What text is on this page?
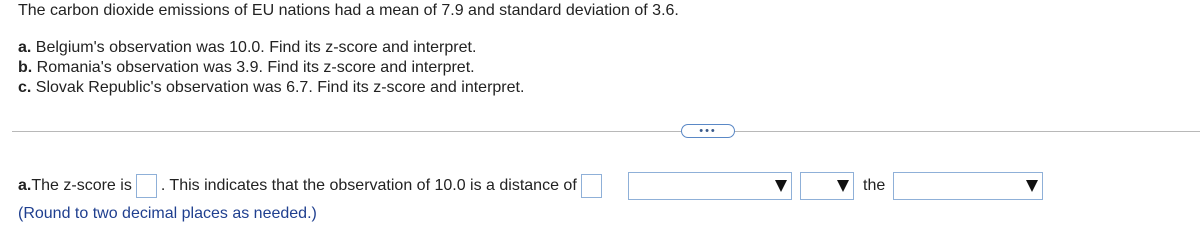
The carbon dioxide emissions of EU nations had a mean of 7.9 and standard deviation of 3.6.
a. Belgium's observation was 10.0. Find its z-score and interpret.
b. Romania's observation was 3.9. Find its z-score and interpret.
c. Slovak Republic's observation was 6.7. Find its z-score and interpret.
•••
a. The z-score is . This indicates that the observation of 10.0 is a distance of	the
(Round to two decimal places as needed.)
